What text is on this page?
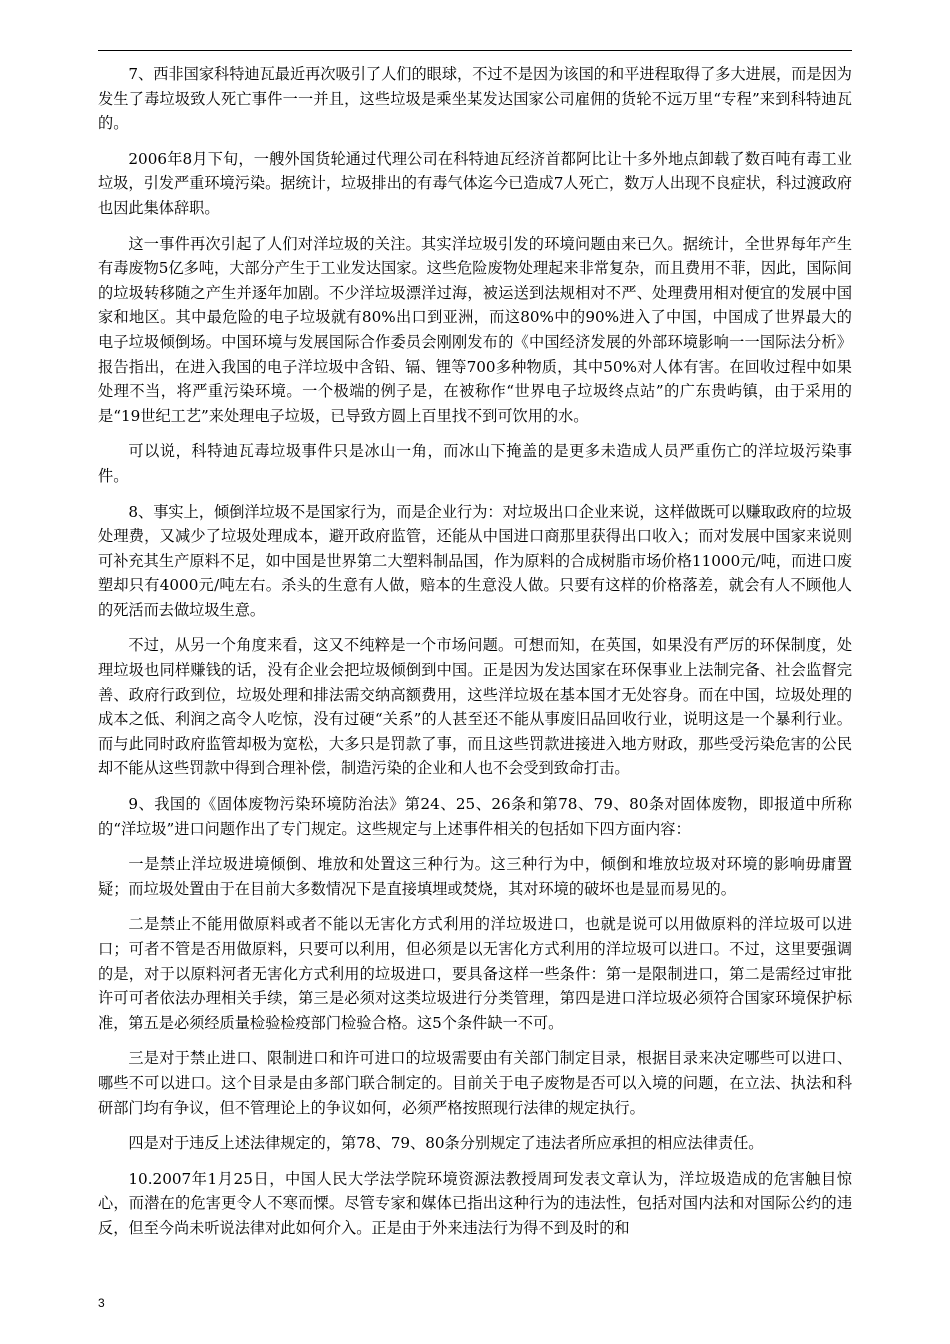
7、西非国家科特迪瓦最近再次吸引了人们的眼球，不过不是因为该国的和平进程取得了多大进展，而是因为发生了毒垃圾致人死亡事件一一并且，这些垃圾是乘坐某发达国家公司雇佣的货轮不远万里“专程”来到科特迪瓦的。

2006年8月下旬，一艘外国货轮通过代理公司在科特迪瓦经济首都阿比让十多外地点卸载了数百吨有毒工业垃圾，引发严重环境污染。据统计，垃圾排出的有毒气体迄今已造成7人死亡，数万人出现不良症状，科过渡政府也因此集体辞职。

这一事件再次引起了人们对洋垃圾的关注。其实洋垃圾引发的环境问题由来已久。据统计，全世界每年产生有毒废物5亿多吨，大部分产生于工业发达国家。这些危险废物处理起来非常复杂，而且费用不菲，因此，国际间的垃圾转移随之产生并逐年加剧。不少洋垃圾漂洋过海，被运送到法规相对不严、处理费用相对便宜的发展中国家和地区。其中最危险的电子垃圾就有80%出口到亚洲，而这80%中的90%进入了中国，中国成了世界最大的电子垃圾倾倒场。中国环境与发展国际合作委员会刚刚发布的《中国经济发展的外部环境影响一一国际法分析》报告指出，在进入我国的电子洋垃圾中含铅、镉、锂等700多种物质，其中50%对人体有害。在回收过程中如果处理不当，将严重污染环境。一个极端的例子是，在被称作“世界电子垃圾终点站”的广东贵屿镇，由于采用的是“19世纪工艺”来处理电子垃圾，已导致方圆上百里找不到可饮用的水。

可以说，科特迪瓦毒垃圾事件只是冰山一角，而冰山下掩盖的是更多未造成人员严重伤亡的洋垃圾污染事件。

8、事实上，倾倒洋垃圾不是国家行为，而是企业行为：对垃圾出口企业来说，这样做既可以赚取政府的垃圾处理费，又减少了垃圾处理成本，避开政府监管，还能从中国进口商那里获得出口收入；而对发展中国家来说则可补充其生产原料不足，如中国是世界第二大塑料制品国，作为原料的合成树脂市场价格11000元/吨，而进口废塑却只有4000元/吨左右。杀头的生意有人做，赔本的生意没人做。只要有这样的价格落差，就会有人不顾他人的死活而去做垃圾生意。

不过，从另一个角度来看，这又不纯粹是一个市场问题。可想而知，在英国，如果没有严厉的环保制度，处理垃圾也同样赚钱的话，没有企业会把垃圾倾倒到中国。正是因为发达国家在环保事业上法制完备、社会监督完善、政府行政到位，垃圾处理和排法需交纳高额费用，这些洋垃圾在基本国才无处容身。而在中国，垃圾处理的成本之低、利润之高令人吃惊，没有过硬“关系”的人甚至还不能从事废旧品回收行业，说明这是一个暴利行业。而与此同时政府监管却极为宽松，大多只是罚款了事，而且这些罚款进接进入地方财政，那些受污染危害的公民却不能从这些罚款中得到合理补偿，制造污染的企业和人也不会受到致命打击。

9、我国的《固体废物污染环境防治法》第24、25、26条和第78、79、80条对固体废物，即报道中所称的“洋垃圾”进口问题作出了专门规定。这些规定与上述事件相关的包括如下四方面内容：

一是禁止洋垃圾进境倾倒、堆放和处置这三种行为。这三种行为中，倾倒和堆放垃圾对环境的影响毋庸置疑；而垃圾处置由于在目前大多数情况下是直接填埋或焚烧，其对环境的破坏也是显而易见的。

二是禁止不能用做原料或者不能以无害化方式利用的洋垃圾进口，也就是说可以用做原料的洋垃圾可以进口；可者不管是否用做原料，只要可以利用，但必须是以无害化方式利用的洋垃圾可以进口。不过，这里要强调的是，对于以原料河者无害化方式利用的垃圾进口，要具备这样一些条件：第一是限制进口，第二是需经过审批许可可者依法办理相关手续，第三是必须对这类垃圾进行分类管理，第四是进口洋垃圾必须符合国家环境保护标准，第五是必须经质量检验检疫部门检验合格。这5个条件缺一不可。

三是对于禁止进口、限制进口和许可进口的垃圾需要由有关部门制定目录，根据目录来决定哪些可以进口、哪些不可以进口。这个目录是由多部门联合制定的。目前关于电子废物是否可以入境的问题，在立法、执法和科研部门均有争议，但不管理论上的争议如何，必须严格按照现行法律的规定执行。

四是对于违反上述法律规定的，第78、79、80条分别规定了违法者所应承担的相应法律责任。

10.2007年1月25日，中国人民大学法学院环境资源法教授周珂发表文章认为，洋垃圾造成的危害触目惊心，而潜在的危害更令人不寒而慄。尽管专家和媒体已指出这种行为的违法性，包括对国内法和对国际公约的违反，但至今尚未听说法律对此如何介入。正是由于外来违法行为得不到及时的和

3
